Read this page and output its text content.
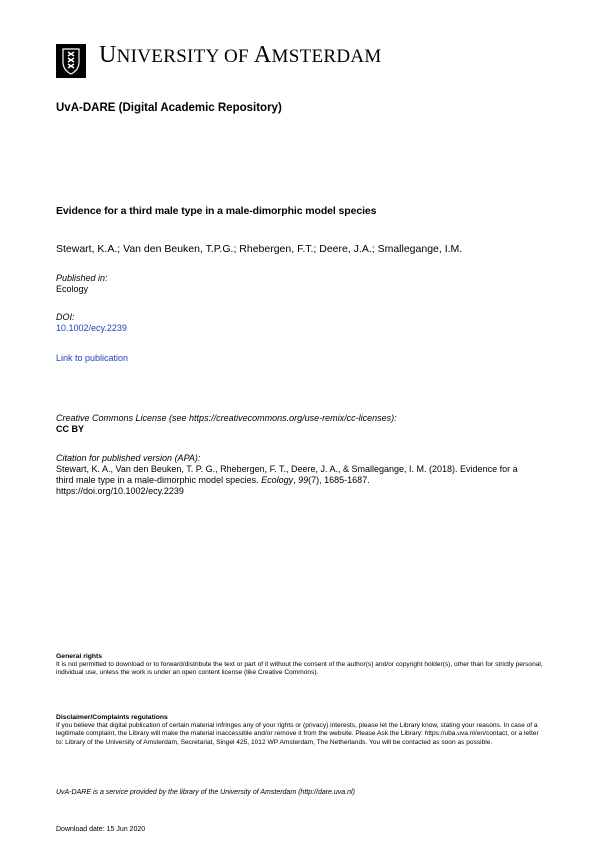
UNIVERSITY OF AMSTERDAM
UvA-DARE (Digital Academic Repository)
Evidence for a third male type in a male-dimorphic model species
Stewart, K.A.; Van den Beuken, T.P.G.; Rhebergen, F.T.; Deere, J.A.; Smallegange, I.M.
Published in:
Ecology
DOI:
10.1002/ecy.2239
Link to publication
Creative Commons License (see https://creativecommons.org/use-remix/cc-licenses):
CC BY
Citation for published version (APA):
Stewart, K. A., Van den Beuken, T. P. G., Rhebergen, F. T., Deere, J. A., & Smallegange, I. M. (2018). Evidence for a third male type in a male-dimorphic model species. Ecology, 99(7), 1685-1687.
https://doi.org/10.1002/ecy.2239
General rights
It is not permitted to download or to forward/distribute the text or part of it without the consent of the author(s) and/or copyright holder(s), other than for strictly personal, individual use, unless the work is under an open content license (like Creative Commons).
Disclaimer/Complaints regulations
If you believe that digital publication of certain material infringes any of your rights or (privacy) interests, please let the Library know, stating your reasons. In case of a legitimate complaint, the Library will make the material inaccessible and/or remove it from the website. Please Ask the Library: https://uba.uva.nl/en/contact, or a letter to: Library of the University of Amsterdam, Secretariat, Singel 425, 1012 WP Amsterdam, The Netherlands. You will be contacted as soon as possible.
UvA-DARE is a service provided by the library of the University of Amsterdam (http://dare.uva.nl)
Download date: 15 Jun 2020
